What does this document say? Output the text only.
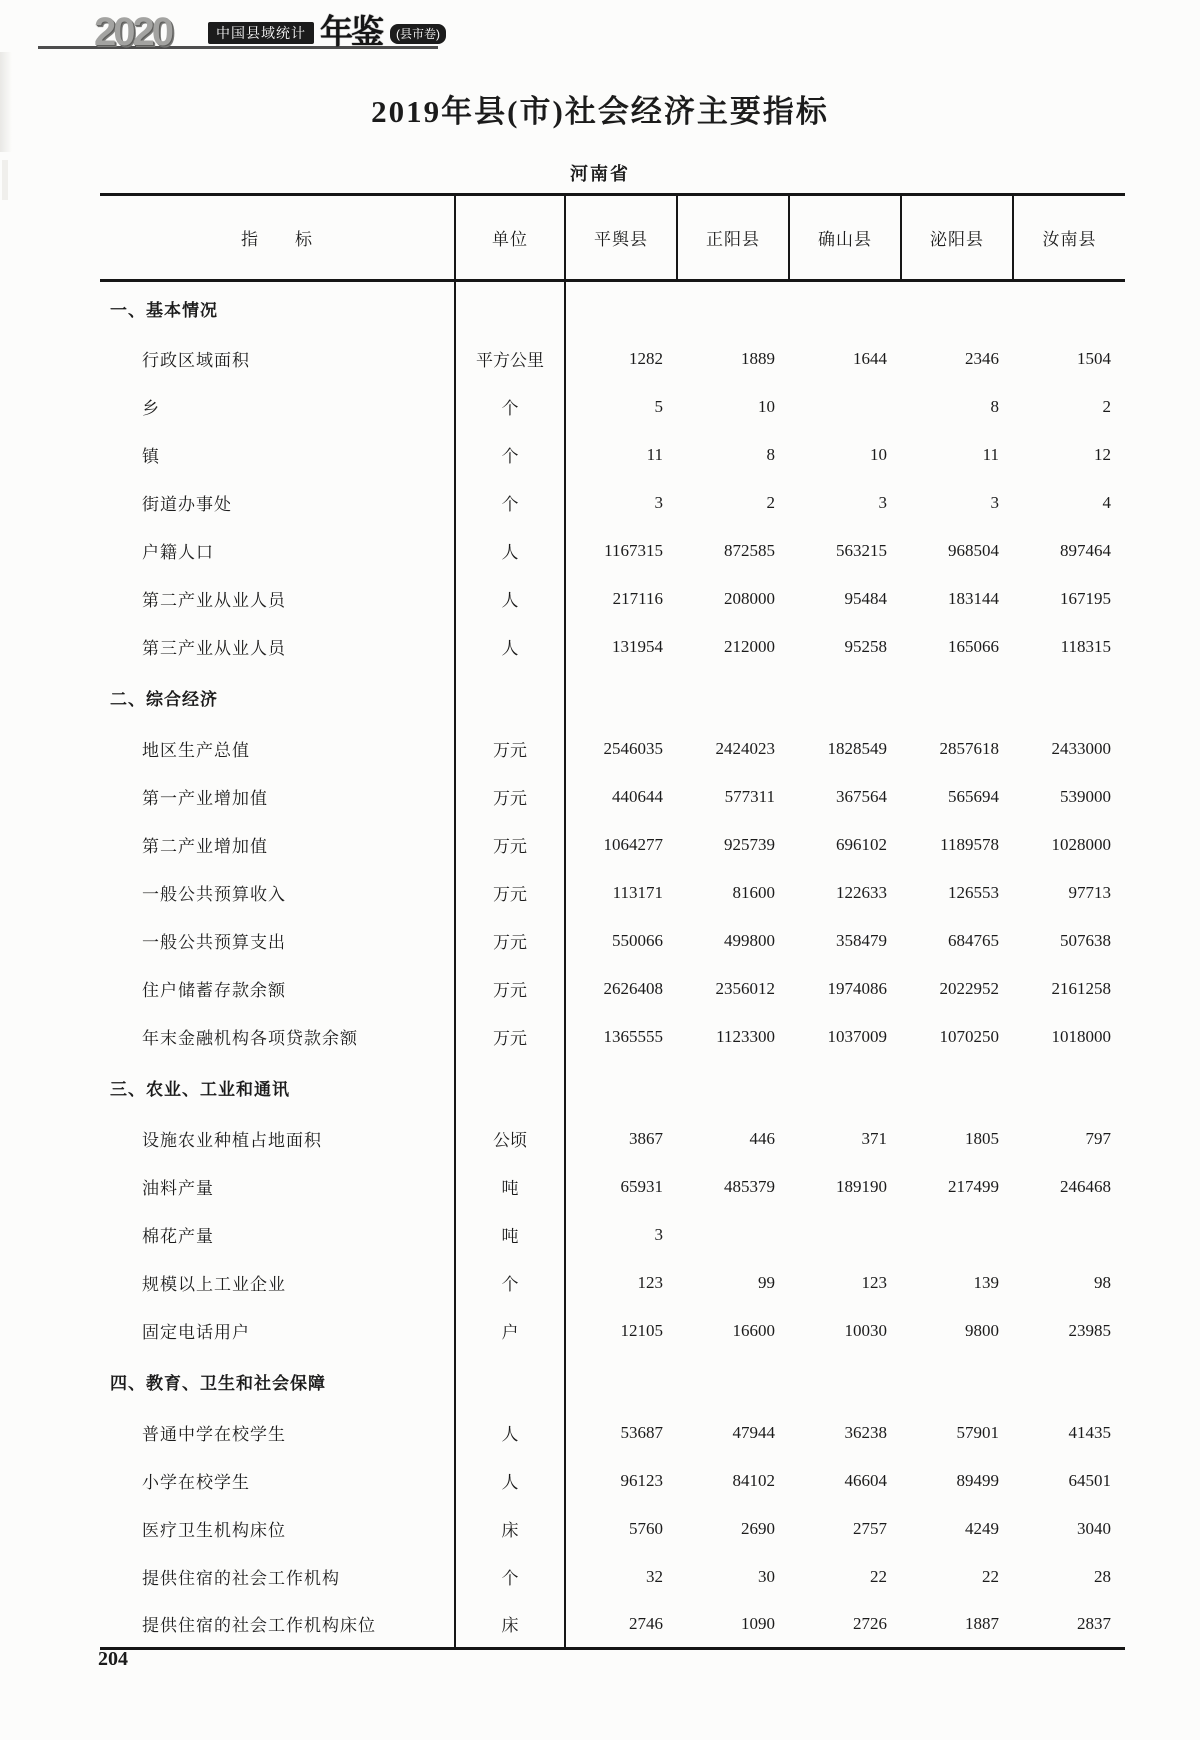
2020	中国县域统计 年鉴	(县市卷)
2019年县(市)社会经济主要指标
河南省
指　　标	单位	平舆县	正阳县	确山县	泌阳县	汝南县
一、基本情况						
行政区域面积	平方公里	1282	1889	1644	2346	1504
乡	个	5	10		8	2
镇	个	11	8	10	11	12
街道办事处	个	3	2	3	3	4
户籍人口	人	1167315	872585	563215	968504	897464
第二产业从业人员	人	217116	208000	95484	183144	167195
第三产业从业人员	人	131954	212000	95258	165066	118315
二、综合经济						
地区生产总值	万元	2546035	2424023	1828549	2857618	2433000
第一产业增加值	万元	440644	577311	367564	565694	539000
第二产业增加值	万元	1064277	925739	696102	1189578	1028000
一般公共预算收入	万元	113171	81600	122633	126553	97713
一般公共预算支出	万元	550066	499800	358479	684765	507638
住户储蓄存款余额	万元	2626408	2356012	1974086	2022952	2161258
年末金融机构各项贷款余额	万元	1365555	1123300	1037009	1070250	1018000
三、农业、工业和通讯						
设施农业种植占地面积	公顷	3867	446	371	1805	797
油料产量	吨	65931	485379	189190	217499	246468
棉花产量	吨	3				
规模以上工业企业	个	123	99	123	139	98
固定电话用户	户	12105	16600	10030	9800	23985
四、教育、卫生和社会保障						
普通中学在校学生	人	53687	47944	36238	57901	41435
小学在校学生	人	96123	84102	46604	89499	64501
医疗卫生机构床位	床	5760	2690	2757	4249	3040
提供住宿的社会工作机构	个	32	30	22	22	28
提供住宿的社会工作机构床位	床	2746	1090	2726	1887	2837
204
